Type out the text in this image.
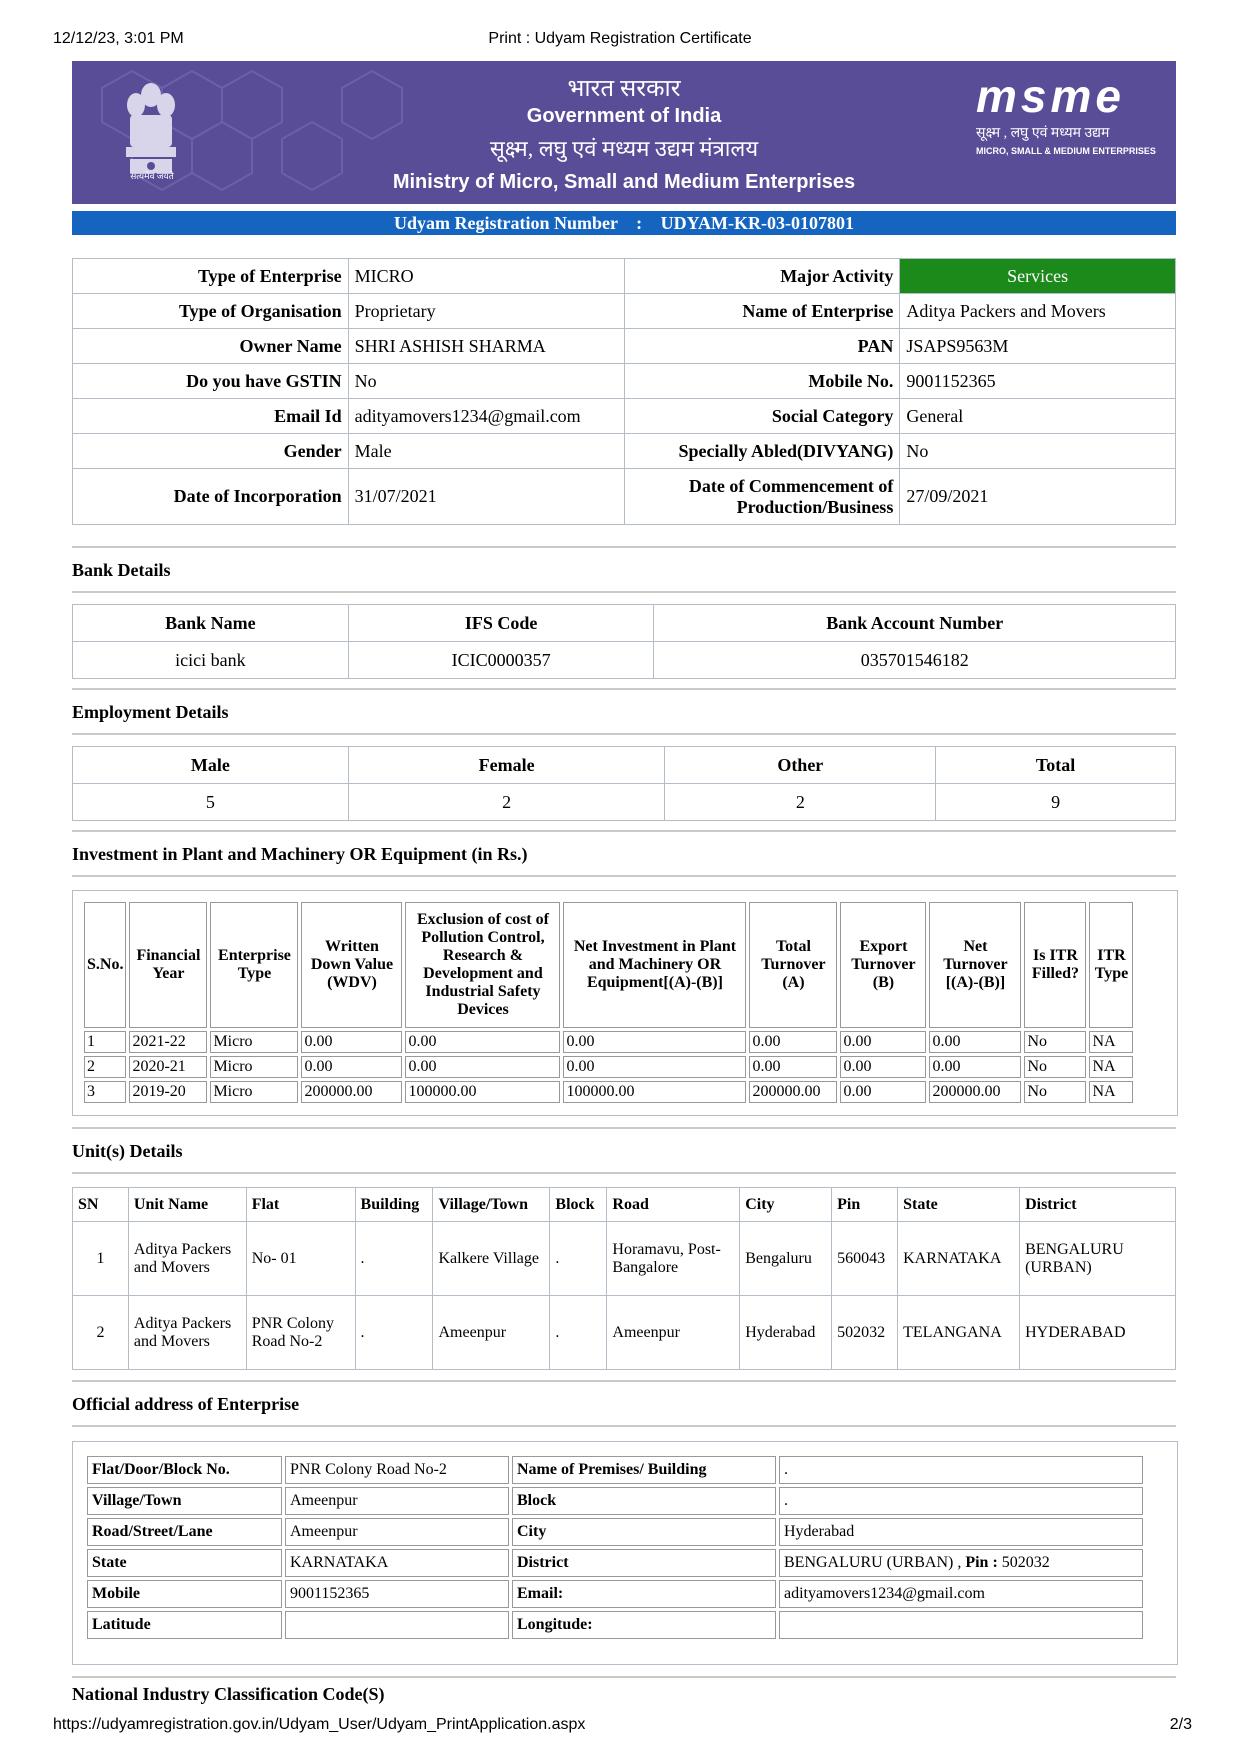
12/12/23, 3:01 PM	Print : Udyam Registration Certificate
सत्यमेव जयते
भारत सरकार
Government of India
सूक्ष्म, लघु एवं मध्यम उद्यम मंत्रालय
Ministry of Micro, Small and Medium Enterprises
msme
सूक्ष्म , लघु एवं मध्यम उद्यम
MICRO, SMALL & MEDIUM ENTERPRISES
Udyam Registration Number : UDYAM-KR-03-0107801
Type of Enterprise	MICRO	Major Activity	Services
Type of Organisation	Proprietary	Name of Enterprise	Aditya Packers and Movers
Owner Name	SHRI ASHISH SHARMA	PAN	JSAPS9563M
Do you have GSTIN	No	Mobile No.	9001152365
Email Id	adityamovers1234@gmail.com	Social Category	General
Gender	Male	Specially Abled(DIVYANG)	No
Date of Incorporation	31/07/2021	Date of Commencement of
Production/Business	27/09/2021
Bank Details
Bank Name	IFS Code	Bank Account Number
icici bank	ICIC0000357	035701546182
Employment Details
Male	Female	Other	Total
5	2	2	9
Investment in Plant and Machinery OR Equipment (in Rs.)
S.No.	Financial Year	Enterprise Type	Written Down Value (WDV)	Exclusion of cost of Pollution Control, Research & Development and Industrial Safety Devices	Net Investment in Plant and Machinery OR Equipment[(A)-(B)]	Total Turnover (A)	Export Turnover (B)	Net Turnover [(A)-(B)]	Is ITR Filled?	ITR Type
1	2021-22	Micro	0.00	0.00	0.00	0.00	0.00	0.00	No	NA
2	2020-21	Micro	0.00	0.00	0.00	0.00	0.00	0.00	No	NA
3	2019-20	Micro	200000.00	100000.00	100000.00	200000.00	0.00	200000.00	No	NA
Unit(s) Details
SN	Unit Name	Flat	Building	Village/Town	Block	Road	City	Pin	State	District
1	Aditya Packers and Movers	No- 01	.	Kalkere Village	.	Horamavu, Post-Bangalore	Bengaluru	560043	KARNATAKA	BENGALURU (URBAN)
2	Aditya Packers and Movers	PNR Colony Road No-2	.	Ameenpur	.	Ameenpur	Hyderabad	502032	TELANGANA	HYDERABAD
Official address of Enterprise
Flat/Door/Block No.	PNR Colony Road No-2	Name of Premises/ Building	.
Village/Town	Ameenpur	Block	.
Road/Street/Lane	Ameenpur	City	Hyderabad
State	KARNATAKA	District	BENGALURU (URBAN) , Pin : 502032
Mobile	9001152365	Email:	adityamovers1234@gmail.com
Latitude		Longitude:	
National Industry Classification Code(S)
https://udyamregistration.gov.in/Udyam_User/Udyam_PrintApplication.aspx	2/3
